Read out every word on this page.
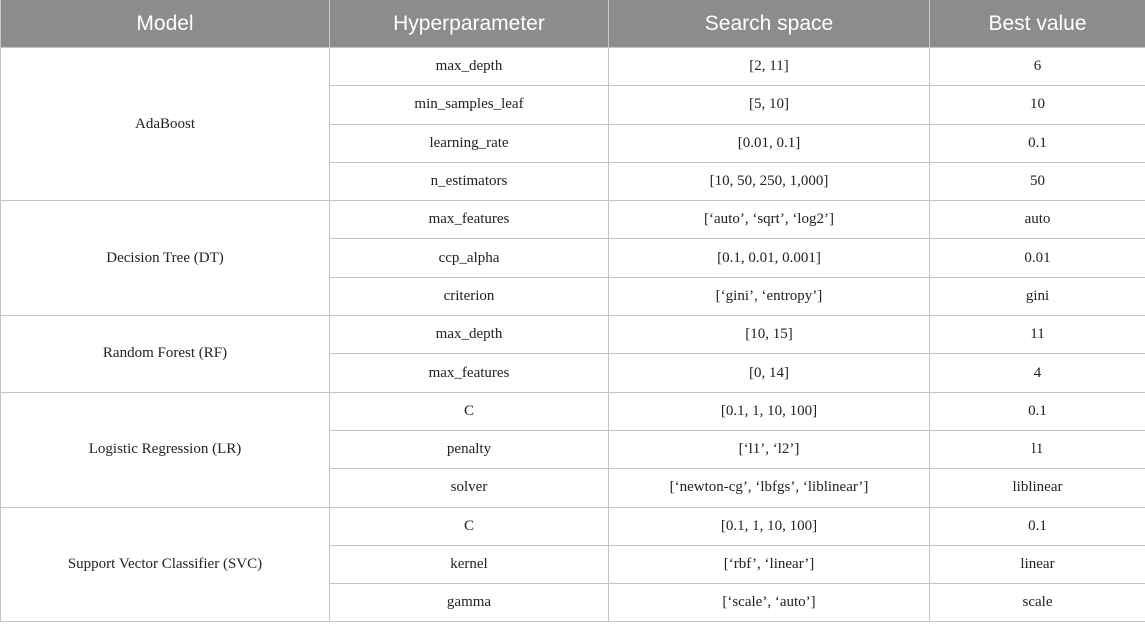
Model	Hyperparameter	Search space	Best value
AdaBoost	max_depth	[2, 11]	6
	min_samples_leaf	[5, 10]	10
	learning_rate	[0.01, 0.1]	0.1
	n_estimators	[10, 50, 250, 1,000]	50
Decision Tree (DT)	max_features	[‘auto’, ‘sqrt’, ‘log2’]	auto
	ccp_alpha	[0.1, 0.01, 0.001]	0.01
	criterion	[‘gini’, ‘entropy’]	gini
Random Forest (RF)	max_depth	[10, 15]	11
	max_features	[0, 14]	4
Logistic Regression (LR)	C	[0.1, 1, 10, 100]	0.1
	penalty	[‘l1’, ‘l2’]	l1
	solver	[‘newton-cg’, ‘lbfgs’, ‘liblinear’]	liblinear
Support Vector Classifier (SVC)	C	[0.1, 1, 10, 100]	0.1
	kernel	[‘rbf’, ‘linear’]	linear
	gamma	[‘scale’, ‘auto’]	scale
